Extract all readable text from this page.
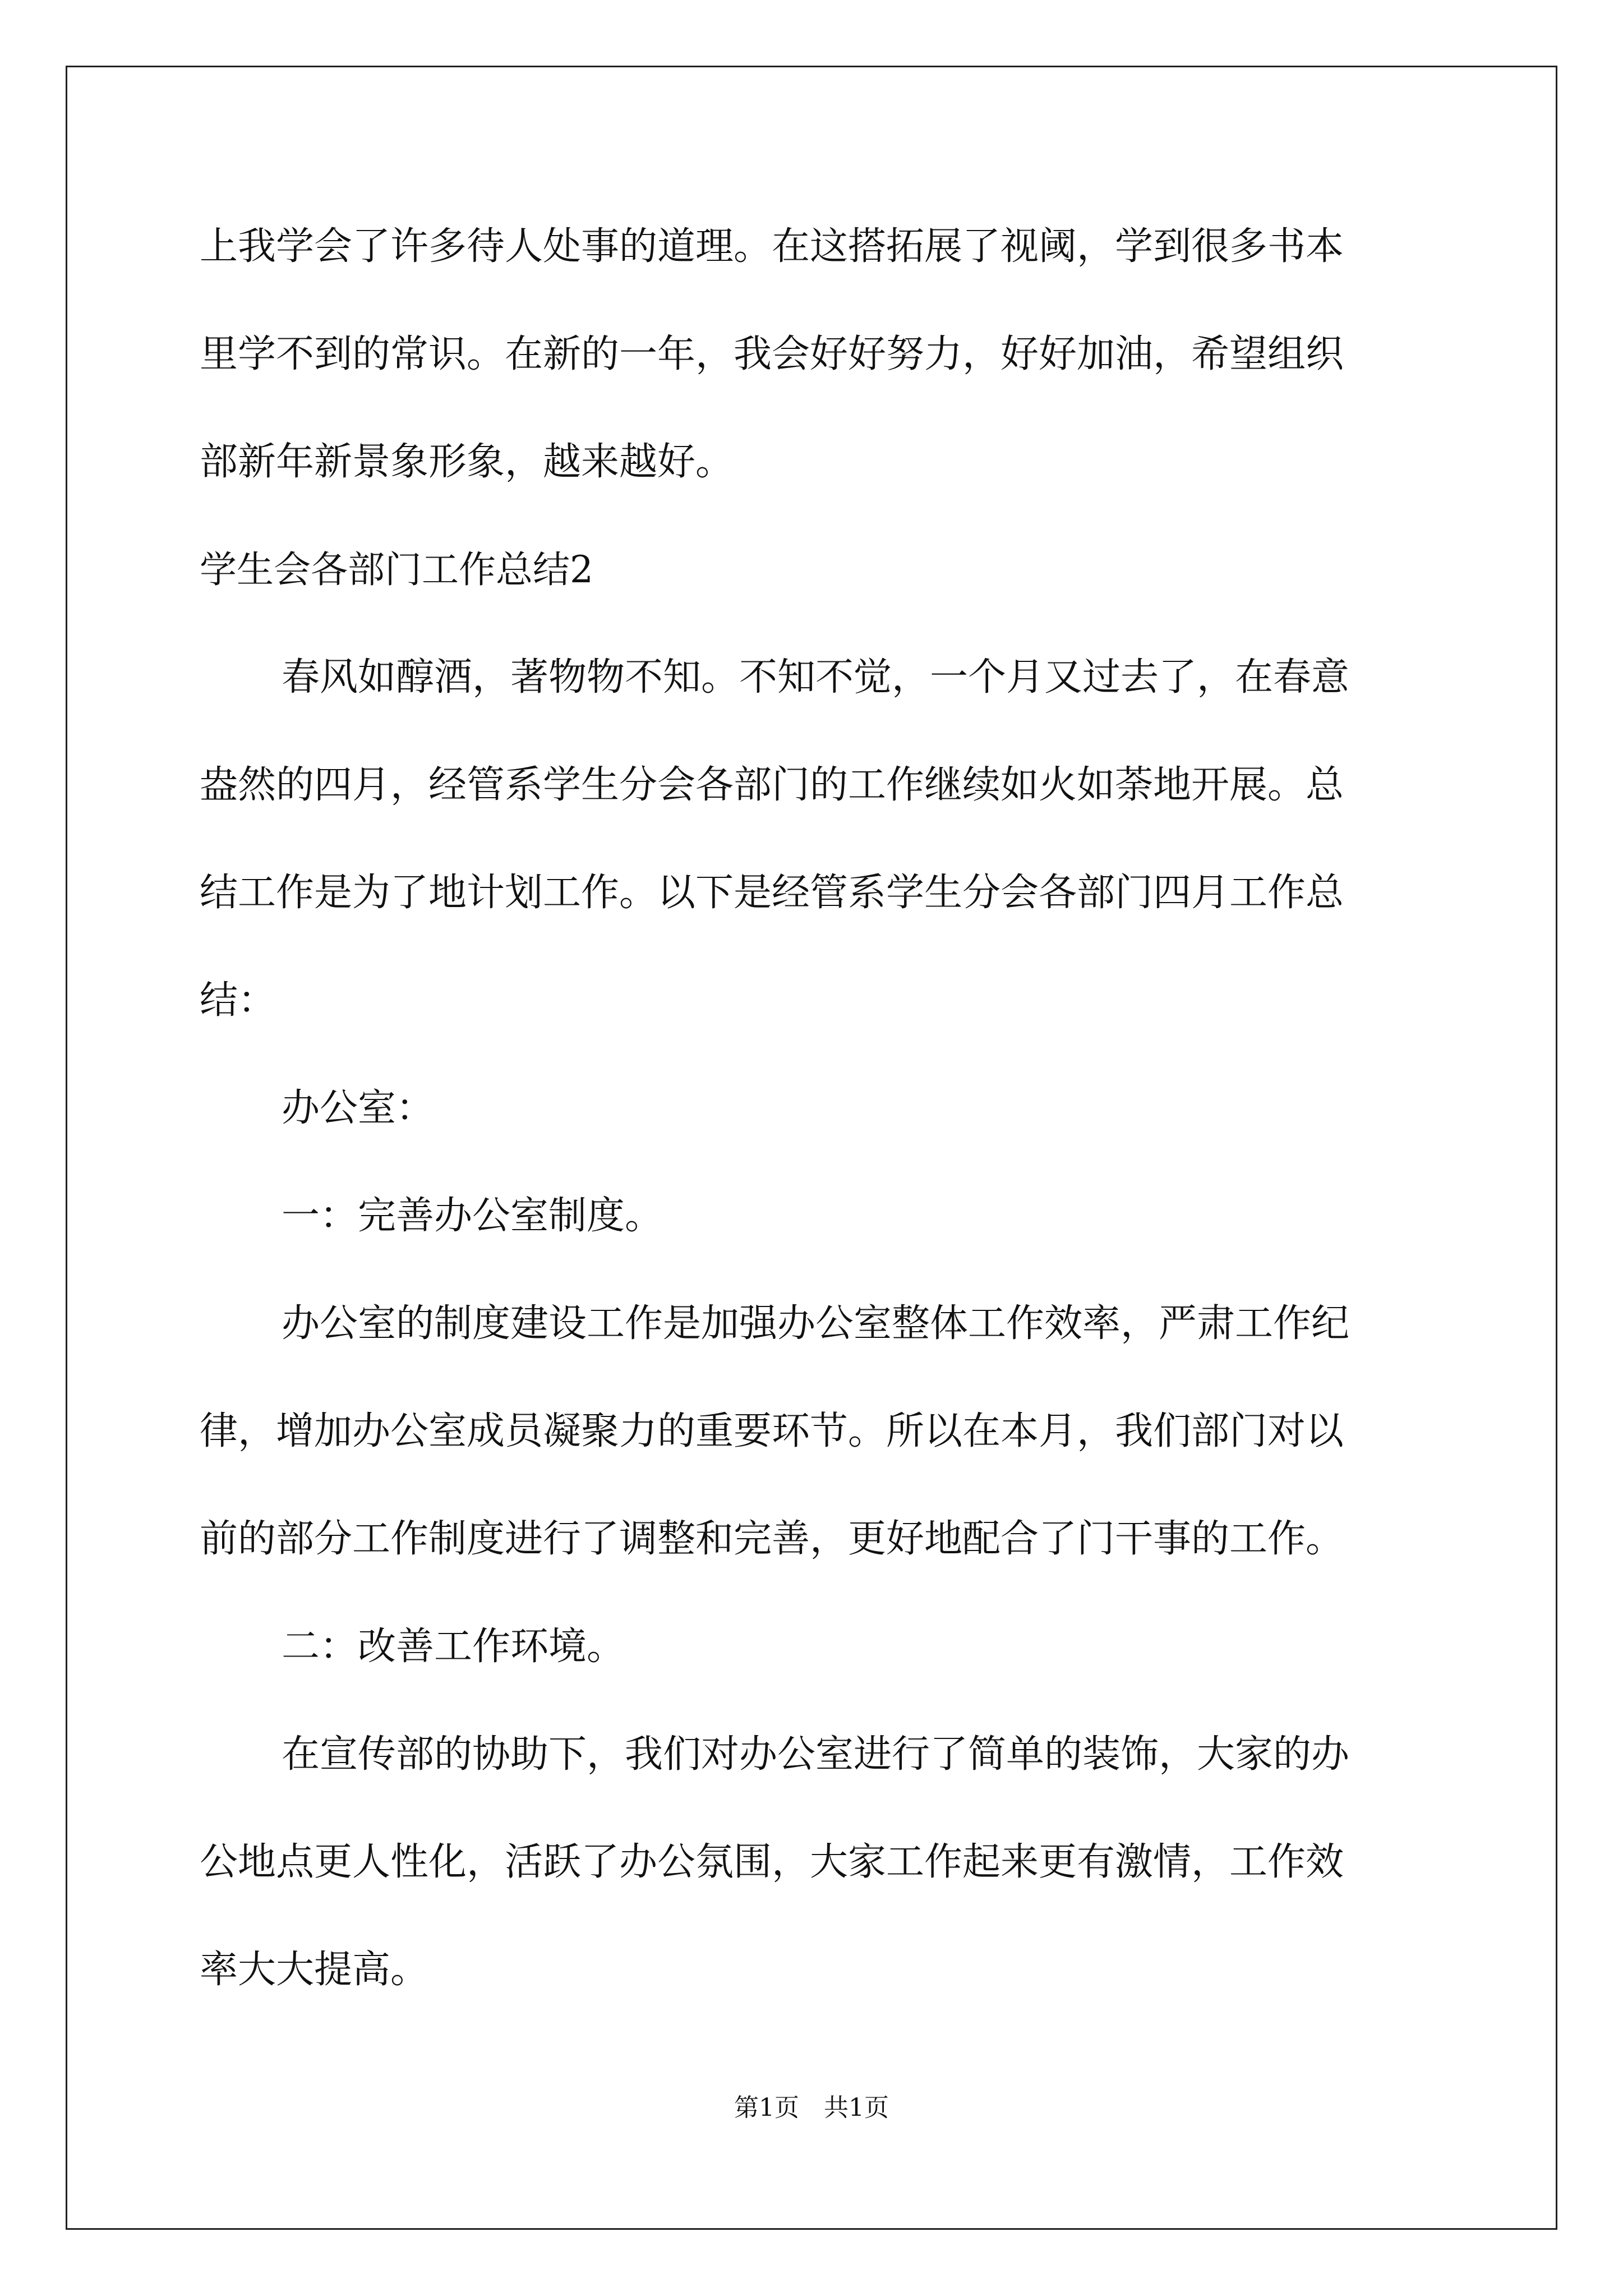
上我学会了许多待人处事的道理。在这搭拓展了视阈，学到很多书本
里学不到的常识。在新的一年，我会好好努力，好好加油，希望组织
部新年新景象形象，越来越好。
学生会各部门工作总结2
春风如醇酒，著物物不知。不知不觉，一个月又过去了，在春意
盎然的四月，经管系学生分会各部门的工作继续如火如荼地开展。总
结工作是为了地计划工作。以下是经管系学生分会各部门四月工作总
结：
办公室：
一：完善办公室制度。
办公室的制度建设工作是加强办公室整体工作效率，严肃工作纪
律，增加办公室成员凝聚力的重要环节。所以在本月，我们部门对以
前的部分工作制度进行了调整和完善，更好地配合了门干事的工作。
二：改善工作环境。
在宣传部的协助下，我们对办公室进行了简单的装饰，大家的办
公地点更人性化，活跃了办公氛围，大家工作起来更有激情，工作效
率大大提高。
第1页　共1页
